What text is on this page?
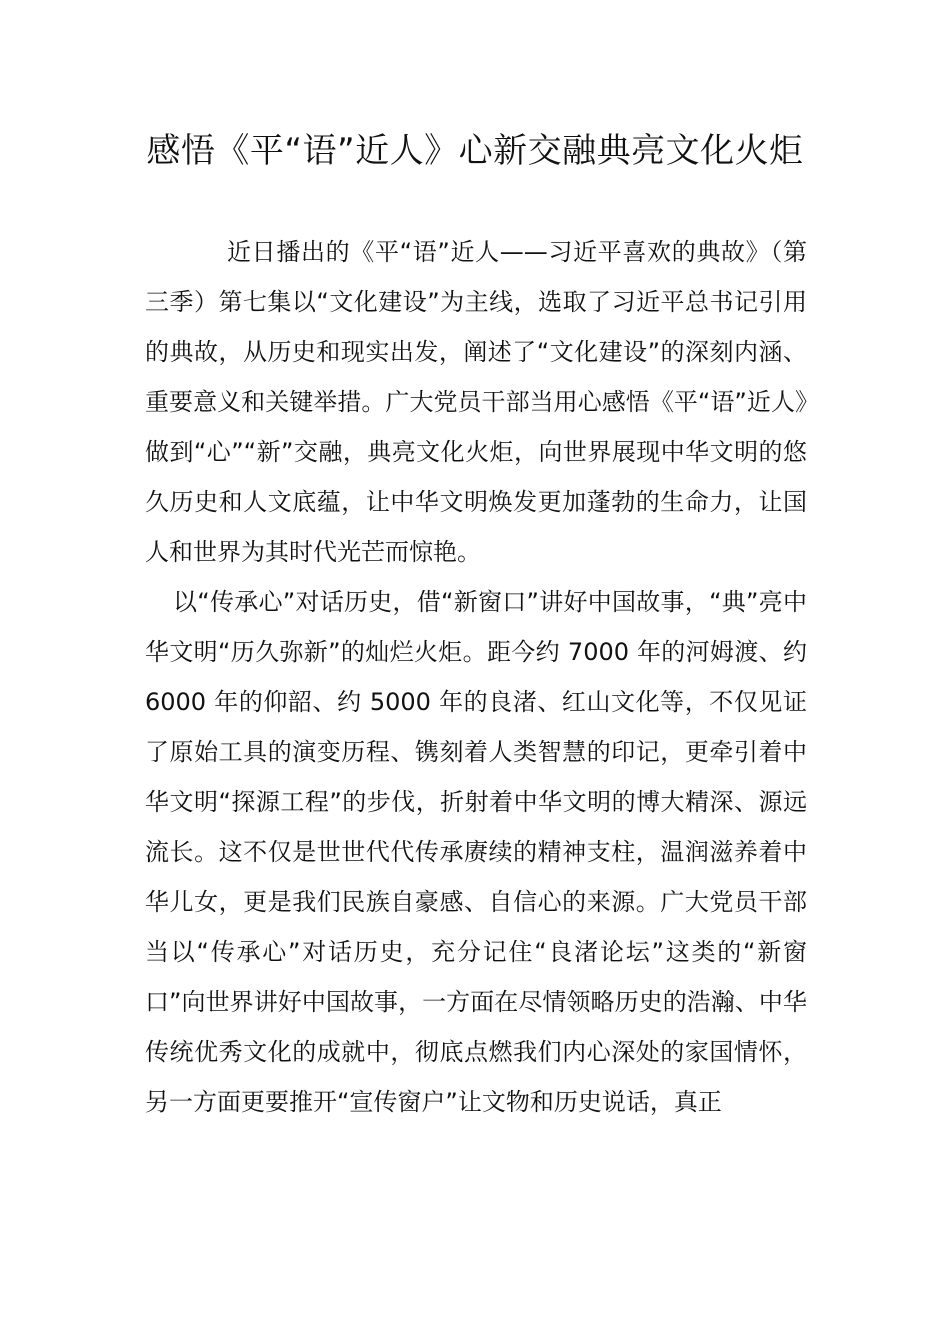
感悟《平“语”近人》心新交融典亮文化火炬

近日播出的《平“语”近人——习近平喜欢的典故》（第三季）第七集以“文化建设”为主线，选取了习近平总书记引用的典故，从历史和现实出发，阐述了“文化建设”的深刻内涵、重要意义和关键举措。广大党员干部当用心感悟《平“语”近人》做到“心”“新”交融，典亮文化火炬，向世界展现中华文明的悠久历史和人文底蕴，让中华文明焕发更加蓬勃的生命力，让国人和世界为其时代光芒而惊艳。

以“传承心”对话历史，借“新窗口”讲好中国故事，“典”亮中华文明“历久弥新”的灿烂火炬。距今约 7000 年的河姆渡、约 6000 年的仰韶、约 5000 年的良渚、红山文化等，不仅见证了原始工具的演变历程、镌刻着人类智慧的印记，更牵引着中华文明“探源工程”的步伐，折射着中华文明的博大精深、源远流长。这不仅是世世代代传承赓续的精神支柱，温润滋养着中华儿女，更是我们民族自豪感、自信心的来源。广大党员干部当以“传承心”对话历史，充分记住“良渚论坛”这类的“新窗口”向世界讲好中国故事，一方面在尽情领略历史的浩瀚、中华传统优秀文化的成就中，彻底点燃我们内心深处的家国情怀，另一方面更要推开“宣传窗户”让文物和历史说话，真正
